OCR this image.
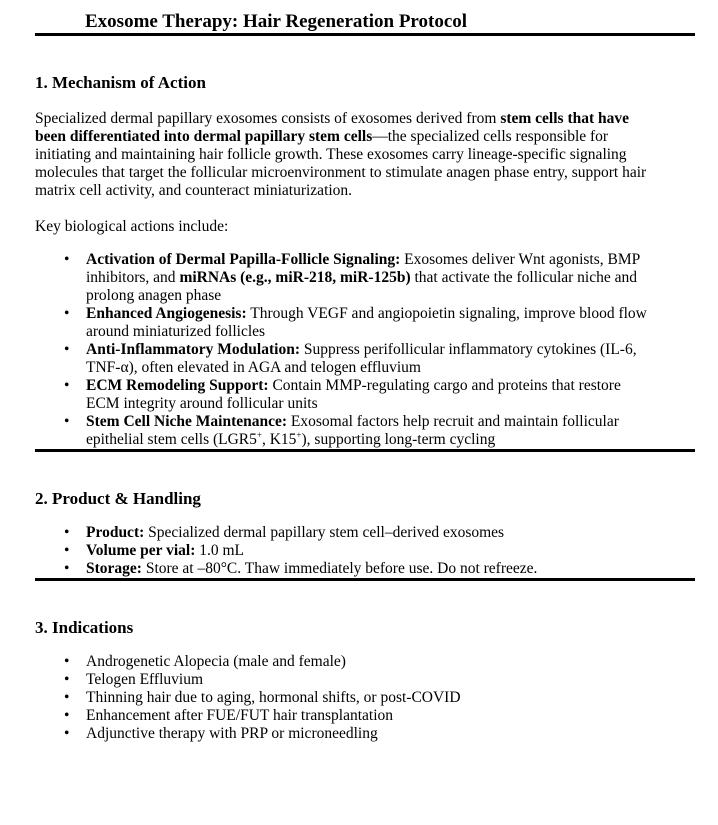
Exosome Therapy: Hair Regeneration Protocol
1. Mechanism of Action

Specialized dermal papillary exosomes consists of exosomes derived from stem cells that have been differentiated into dermal papillary stem cells—the specialized cells responsible for initiating and maintaining hair follicle growth. These exosomes carry lineage-specific signaling molecules that target the follicular microenvironment to stimulate anagen phase entry, support hair matrix cell activity, and counteract miniaturization.

Key biological actions include:

• Activation of Dermal Papilla-Follicle Signaling: Exosomes deliver Wnt agonists, BMP inhibitors, and miRNAs (e.g., miR-218, miR-125b) that activate the follicular niche and prolong anagen phase
• Enhanced Angiogenesis: Through VEGF and angiopoietin signaling, improve blood flow around miniaturized follicles
• Anti-Inflammatory Modulation: Suppress perifollicular inflammatory cytokines (IL-6, TNF-α), often elevated in AGA and telogen effluvium
• ECM Remodeling Support: Contain MMP-regulating cargo and proteins that restore ECM integrity around follicular units
• Stem Cell Niche Maintenance: Exosomal factors help recruit and maintain follicular epithelial stem cells (LGR5+, K15+), supporting long-term cycling
2. Product & Handling
• Product: Specialized dermal papillary stem cell–derived exosomes
• Volume per vial: 1.0 mL
• Storage: Store at –80°C. Thaw immediately before use. Do not refreeze.
3. Indications
• Androgenetic Alopecia (male and female)
• Telogen Effluvium
• Thinning hair due to aging, hormonal shifts, or post-COVID
• Enhancement after FUE/FUT hair transplantation
• Adjunctive therapy with PRP or microneedling
